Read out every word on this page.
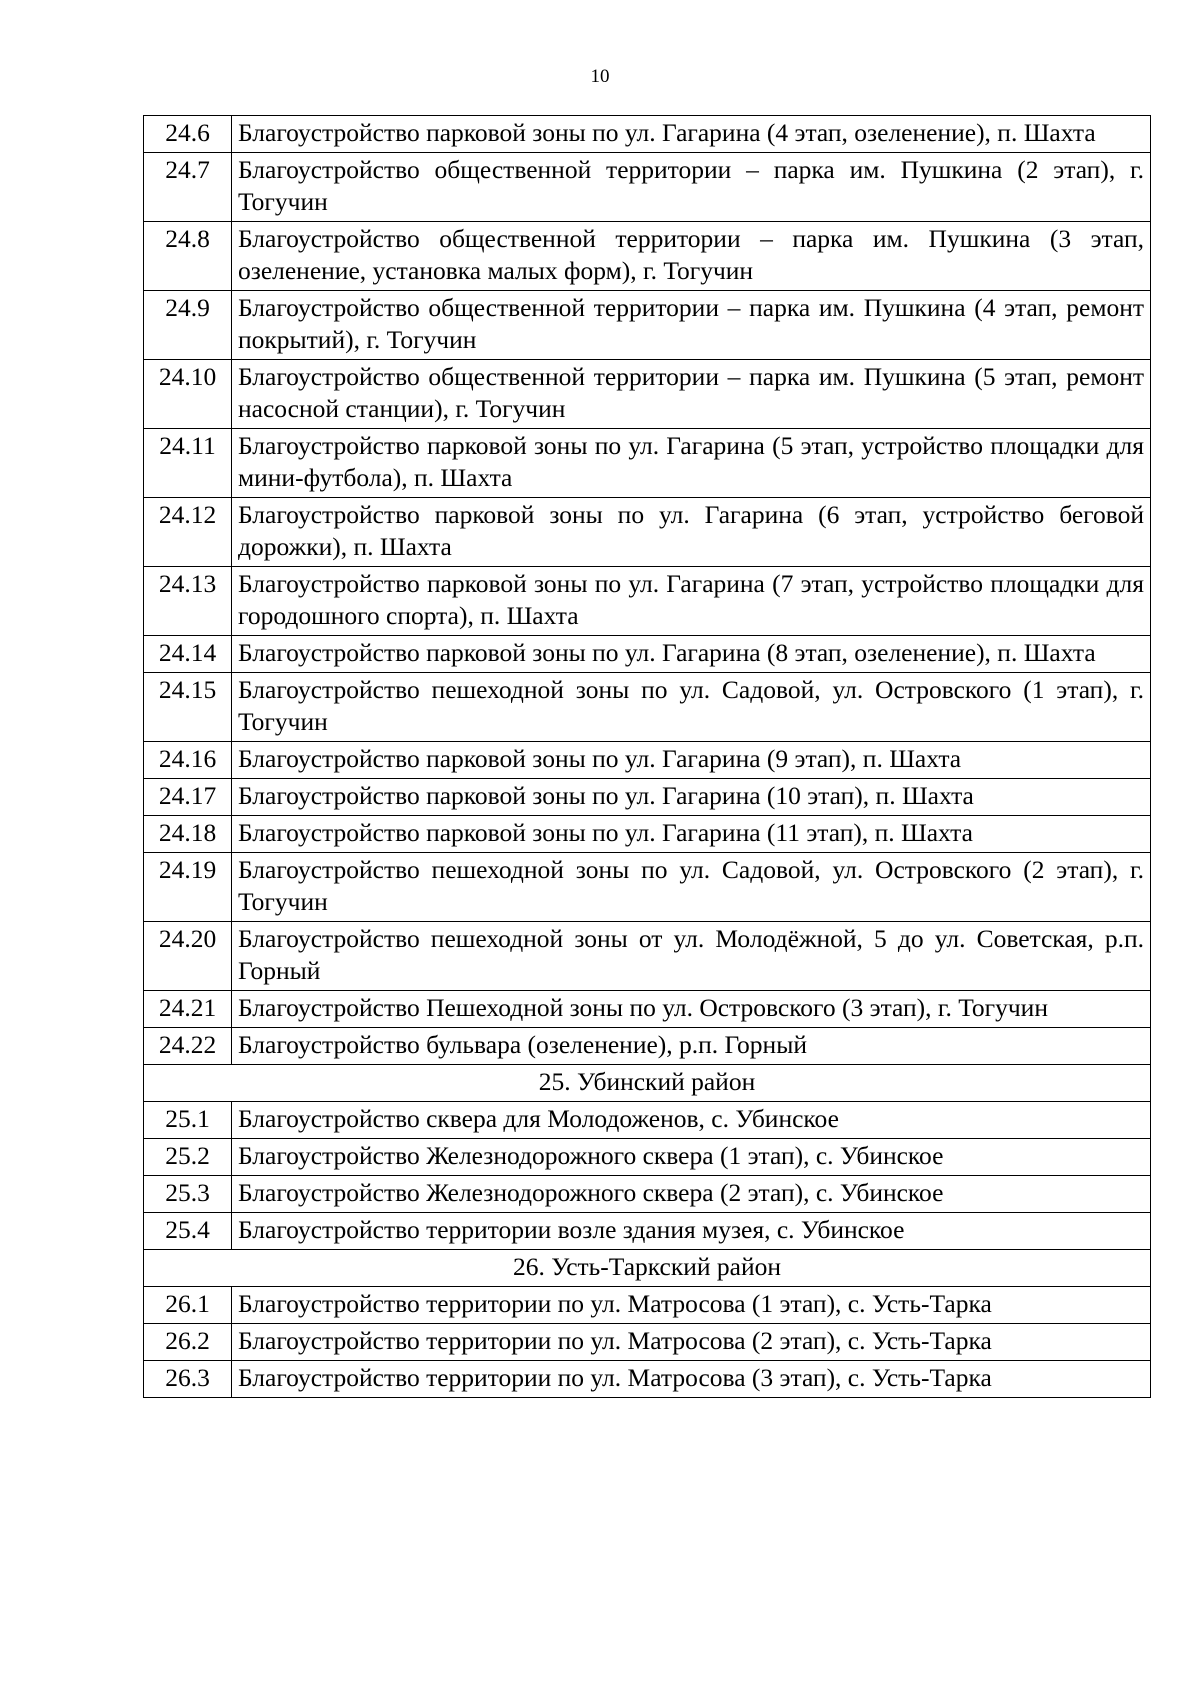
10
24.6	Благоустройство парковой зоны по ул. Гагарина (4 этап, озеленение), п. Шахта
24.7	Благоустройство общественной территории – парка им. Пушкина (2 этап), г. Тогучин
24.8	Благоустройство общественной территории – парка им. Пушкина (3 этап, озеленение, установка малых форм), г. Тогучин
24.9	Благоустройство общественной территории – парка им. Пушкина (4 этап, ремонт покрытий), г. Тогучин
24.10	Благоустройство общественной территории – парка им. Пушкина (5 этап, ремонт насосной станции), г. Тогучин
24.11	Благоустройство парковой зоны по ул. Гагарина (5 этап, устройство площадки для мини-футбола), п. Шахта
24.12	Благоустройство парковой зоны по ул. Гагарина (6 этап, устройство беговой дорожки), п. Шахта
24.13	Благоустройство парковой зоны по ул. Гагарина (7 этап, устройство площадки для городошного спорта), п. Шахта
24.14	Благоустройство парковой зоны по ул. Гагарина (8 этап, озеленение), п. Шахта
24.15	Благоустройство пешеходной зоны по ул. Садовой, ул. Островского (1 этап), г. Тогучин
24.16	Благоустройство парковой зоны по ул. Гагарина (9 этап), п. Шахта
24.17	Благоустройство парковой зоны по ул. Гагарина (10 этап), п. Шахта
24.18	Благоустройство парковой зоны по ул. Гагарина (11 этап), п. Шахта
24.19	Благоустройство пешеходной зоны по ул. Садовой, ул. Островского (2 этап), г. Тогучин
24.20	Благоустройство пешеходной зоны от ул. Молодёжной, 5 до ул. Советская, р.п. Горный
24.21	Благоустройство Пешеходной зоны по ул. Островского (3 этап), г. Тогучин
24.22	Благоустройство бульвара (озеленение), р.п. Горный
25. Убинский район	
25.1	Благоустройство сквера для Молодоженов, с. Убинское
25.2	Благоустройство Железнодорожного сквера (1 этап), с. Убинское
25.3	Благоустройство Железнодорожного сквера (2 этап), с. Убинское
25.4	Благоустройство территории возле здания музея, с. Убинское
26. Усть-Таркский район	
26.1	Благоустройство территории по ул. Матросова (1 этап), с. Усть-Тарка
26.2	Благоустройство территории по ул. Матросова (2 этап), с. Усть-Тарка
26.3	Благоустройство территории по ул. Матросова (3 этап), с. Усть-Тарка
